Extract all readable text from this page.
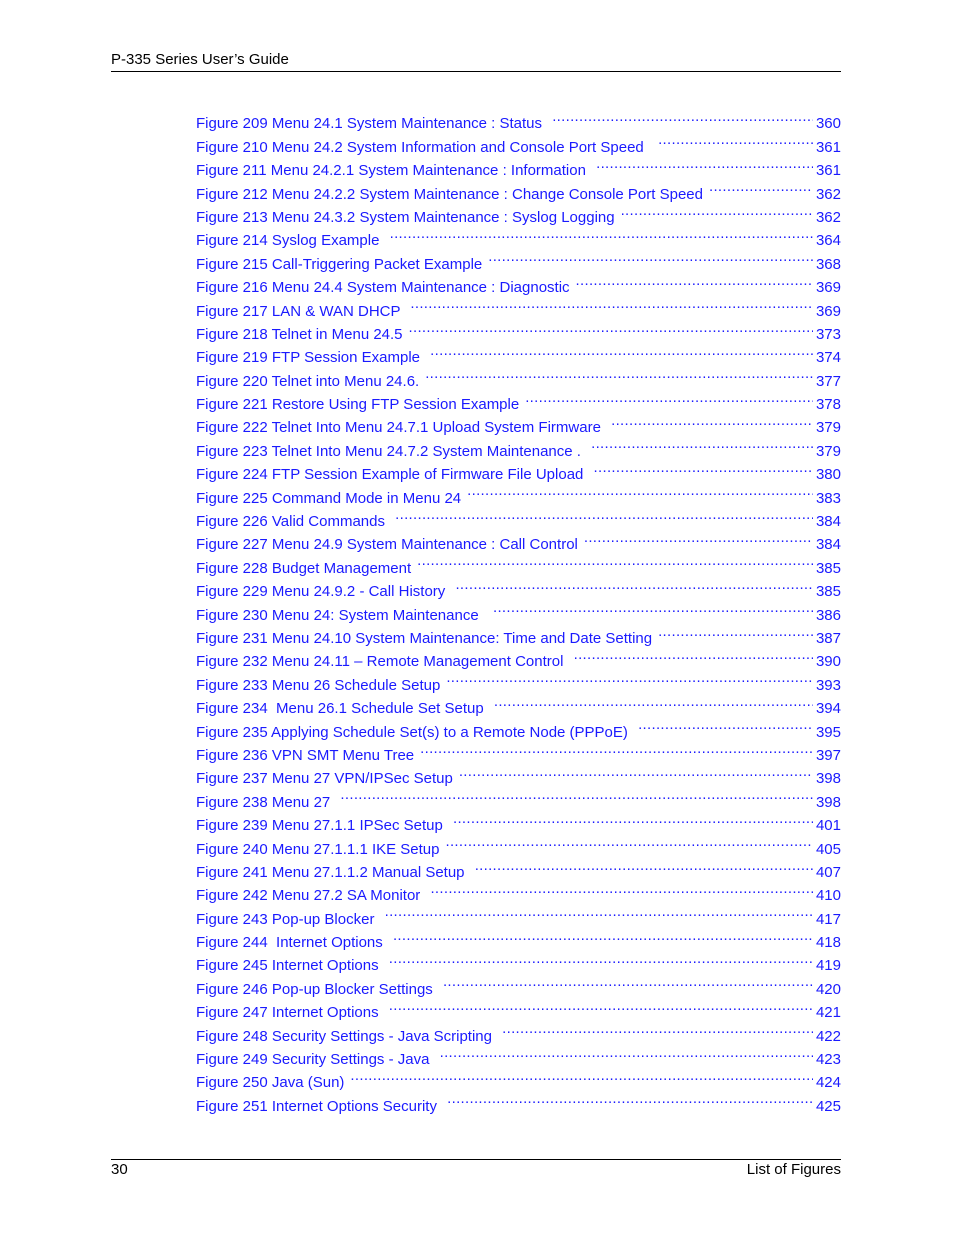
P-335 Series User’s Guide
Figure 209 Menu 24.1 System Maintenance : Status .....	360
Figure 210 Menu 24.2 System Information and Console Port Speed .....	361
Figure 211 Menu 24.2.1 System Maintenance : Information .....	361
Figure 212 Menu 24.2.2 System Maintenance : Change Console Port Speed .....	362
Figure 213 Menu 24.3.2 System Maintenance : Syslog Logging .....	362
Figure 214 Syslog Example .....	364
Figure 215 Call-Triggering Packet Example .....	368
Figure 216 Menu 24.4 System Maintenance : Diagnostic .....	369
Figure 217 LAN & WAN DHCP .....	369
Figure 218 Telnet in Menu 24.5 .....	373
Figure 219 FTP Session Example .....	374
Figure 220 Telnet into Menu 24.6. .....	377
Figure 221 Restore Using FTP Session Example .....	378
Figure 222 Telnet Into Menu 24.7.1 Upload System Firmware .....	379
Figure 223 Telnet Into Menu 24.7.2 System Maintenance . .....	379
Figure 224 FTP Session Example of Firmware File Upload .....	380
Figure 225 Command Mode in Menu 24 .....	383
Figure 226 Valid Commands .....	384
Figure 227 Menu 24.9 System Maintenance : Call Control .....	384
Figure 228 Budget Management .....	385
Figure 229 Menu 24.9.2 - Call History .....	385
Figure 230 Menu 24: System Maintenance .....	386
Figure 231 Menu 24.10 System Maintenance: Time and Date Setting .....	387
Figure 232 Menu 24.11 – Remote Management Control .....	390
Figure 233 Menu 26 Schedule Setup .....	393
Figure 234  Menu 26.1 Schedule Set Setup .....	394
Figure 235 Applying Schedule Set(s) to a Remote Node (PPPoE) .....	395
Figure 236 VPN SMT Menu Tree .....	397
Figure 237 Menu 27 VPN/IPSec Setup .....	398
Figure 238 Menu 27 .....	398
Figure 239 Menu 27.1.1 IPSec Setup .....	401
Figure 240 Menu 27.1.1.1 IKE Setup .....	405
Figure 241 Menu 27.1.1.2 Manual Setup .....	407
Figure 242 Menu 27.2 SA Monitor .....	410
Figure 243 Pop-up Blocker .....	417
Figure 244  Internet Options .....	418
Figure 245 Internet Options .....	419
Figure 246 Pop-up Blocker Settings .....	420
Figure 247 Internet Options .....	421
Figure 248 Security Settings - Java Scripting .....	422
Figure 249 Security Settings - Java .....	423
Figure 250 Java (Sun) .....	424
Figure 251 Internet Options Security .....	425
30	List of Figures
